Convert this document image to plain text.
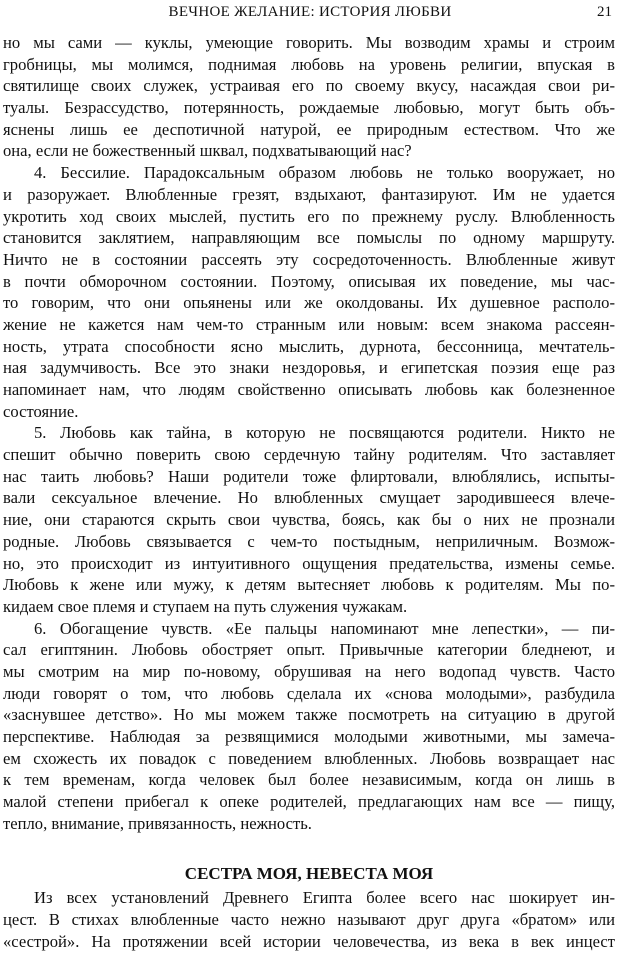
ВЕЧНОЕ ЖЕЛАНИЕ: ИСТОРИЯ ЛЮБВИ	21
но мы сами — куклы, умеющие говорить. Мы возводим храмы и строим
гробницы, мы молимся, поднимая любовь на уровень религии, впуская в
святилище своих служек, устраивая его по своему вкусу, насаждая свои ри-
туалы. Безрассудство, потерянность, рождаемые любовью, могут быть объ-
яснены лишь ее деспотичной натурой, ее природным естеством. Что же
она, если не божественный шквал, подхватывающий нас?
4. Бессилие. Парадоксальным образом любовь не только вооружает, но
и разоружает. Влюбленные грезят, вздыхают, фантазируют. Им не удается
укротить ход своих мыслей, пустить его по прежнему руслу. Влюбленность
становится заклятием, направляющим все помыслы по одному маршруту.
Ничто не в состоянии рассеять эту сосредоточенность. Влюбленные живут
в почти обморочном состоянии. Поэтому, описывая их поведение, мы час-
то говорим, что они опьянены или же околдованы. Их душевное располо-
жение не кажется нам чем-то странным или новым: всем знакома рассеян-
ность, утрата способности ясно мыслить, дурнота, бессонница, мечтатель-
ная задумчивость. Все это знаки нездоровья, и египетская поэзия еще раз
напоминает нам, что людям свойственно описывать любовь как болезненное
состояние.
5. Любовь как тайна, в которую не посвящаются родители. Никто не
спешит обычно поверить свою сердечную тайну родителям. Что заставляет
нас таить любовь? Наши родители тоже флиртовали, влюблялись, испыты-
вали сексуальное влечение. Но влюбленных смущает зародившееся влече-
ние, они стараются скрыть свои чувства, боясь, как бы о них не прознали
родные. Любовь связывается с чем-то постыдным, неприличным. Возмож-
но, это происходит из интуитивного ощущения предательства, измены семье.
Любовь к жене или мужу, к детям вытесняет любовь к родителям. Мы по-
кидаем свое племя и ступаем на путь служения чужакам.
6. Обогащение чувств. «Ее пальцы напоминают мне лепестки», — пи-
сал египтянин. Любовь обостряет опыт. Привычные категории бледнеют, и
мы смотрим на мир по-новому, обрушивая на него водопад чувств. Часто
люди говорят о том, что любовь сделала их «снова молодыми», разбудила
«заснувшее детство». Но мы можем также посмотреть на ситуацию в другой
перспективе. Наблюдая за резвящимися молодыми животными, мы замеча-
ем схожесть их повадок с поведением влюбленных. Любовь возвращает нас
к тем временам, когда человек был более независимым, когда он лишь в
малой степени прибегал к опеке родителей, предлагающих нам все — пищу,
тепло, внимание, привязанность, нежность.
СЕСТРА МОЯ, НЕВЕСТА МОЯ
Из всех установлений Древнего Египта более всего нас шокирует ин-
цест. В стихах влюбленные часто нежно называют друг друга «братом» или
«сестрой». На протяжении всей истории человечества, из века в век инцест
